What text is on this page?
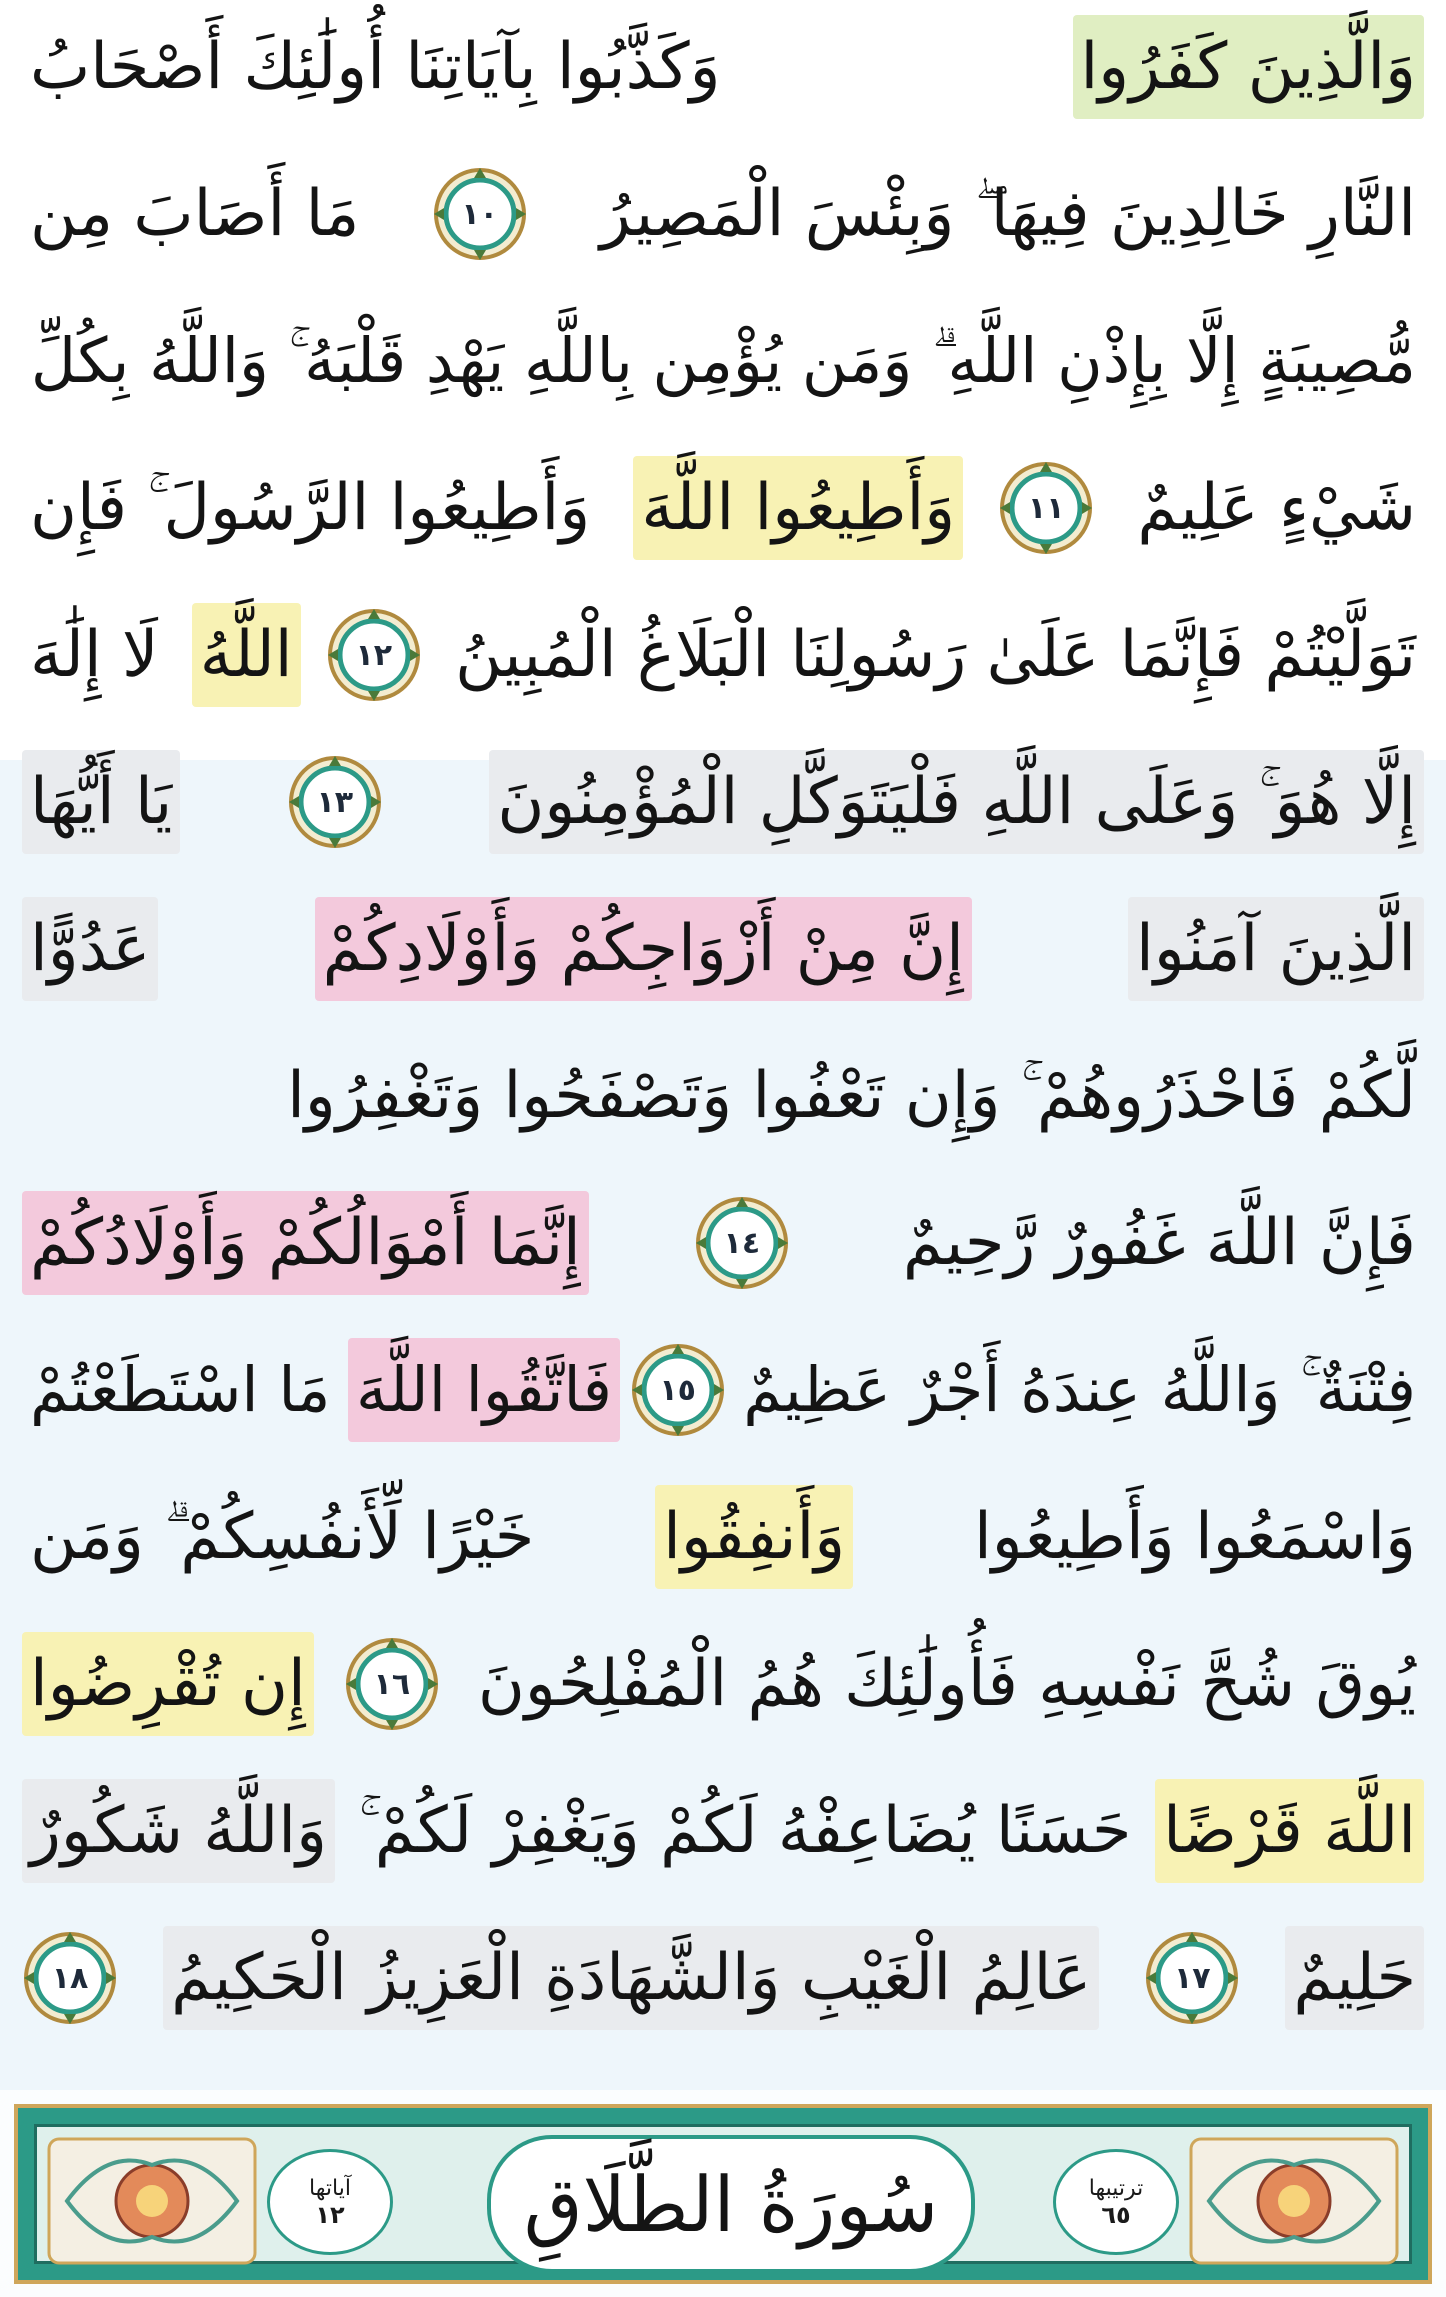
وَالَّذِينَ كَفَرُوا
وَكَذَّبُوا بِآيَاتِنَا أُولَٰئِكَ أَصْحَابُ
النَّارِ خَالِدِينَ فِيهَا ۖ وَبِئْسَ الْمَصِيرُ
١٠
مَا أَصَابَ مِن
مُّصِيبَةٍ إِلَّا بِإِذْنِ اللَّهِ ۗ وَمَن يُؤْمِن بِاللَّهِ يَهْدِ قَلْبَهُ ۚ وَاللَّهُ بِكُلِّ
شَيْءٍ عَلِيمٌ
١١
وَأَطِيعُوا اللَّهَ
وَأَطِيعُوا الرَّسُولَ ۚ فَإِن
تَوَلَّيْتُمْ فَإِنَّمَا عَلَىٰ رَسُولِنَا الْبَلَاغُ الْمُبِينُ
١٢
اللَّهُ
لَا إِلَٰهَ
إِلَّا هُوَ ۚ وَعَلَى اللَّهِ فَلْيَتَوَكَّلِ الْمُؤْمِنُونَ
١٣
يَا أَيُّهَا
الَّذِينَ آمَنُوا
إِنَّ مِنْ أَزْوَاجِكُمْ وَأَوْلَادِكُمْ
عَدُوًّا
لَّكُمْ فَاحْذَرُوهُمْ ۚ وَإِن تَعْفُوا وَتَصْفَحُوا وَتَغْفِرُوا
فَإِنَّ اللَّهَ غَفُورٌ رَّحِيمٌ
١٤
إِنَّمَا أَمْوَالُكُمْ وَأَوْلَادُكُمْ
فِتْنَةٌ ۚ وَاللَّهُ عِندَهُ أَجْرٌ عَظِيمٌ
١٥
فَاتَّقُوا اللَّهَ
مَا اسْتَطَعْتُمْ
وَاسْمَعُوا وَأَطِيعُوا
وَأَنفِقُوا
خَيْرًا لِّأَنفُسِكُمْ ۗ وَمَن
يُوقَ شُحَّ نَفْسِهِ فَأُولَٰئِكَ هُمُ الْمُفْلِحُونَ
١٦
إِن تُقْرِضُوا
اللَّهَ قَرْضًا
حَسَنًا يُضَاعِفْهُ لَكُمْ وَيَغْفِرْ لَكُمْ ۚ
وَاللَّهُ شَكُورٌ
حَلِيمٌ
١٧
عَالِمُ الْغَيْبِ وَالشَّهَادَةِ الْعَزِيزُ الْحَكِيمُ
١٨
ترتيبها
٦٥
سُورَةُ الطَّلَاقِ
آياتها
١٢
